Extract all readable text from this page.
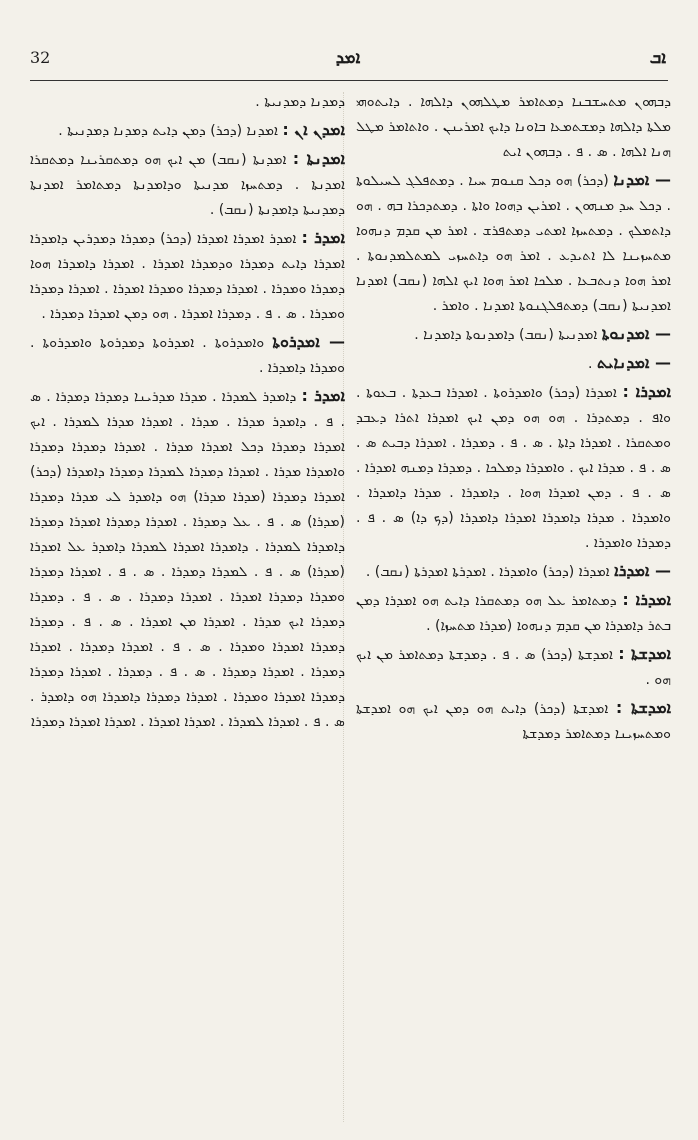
32	ܐܡܕ	ܐܒ

ܕܒܗܘܢ ܡܬܚܫܒܢܐ ܕܡܬܐܡܪ ܡܛܠܗܘܢ ܕܐܠܗܐ . ܕܐܝܬܘܗܝ ܡܠܬܐ ܕܐܠܗܐ ܕܡܫܬܡܥܐ ܒܐܘܢܐ ܕܐܝܟ ܐܡܪܝܢܢ . ܘܐܬܐܡܪ ܡܛܠ ܗܢܐ ܐܠܗܐ . ܣ . ܦ . ܕܒܗܘܢ ܐܝܬ

— ܐܡܕܢܐ (ܕܟܪ) ܗܘ ܕܟܠ ܩܢܘܡ ܚܝܐ . ܕܡܬܦܠܓ ܠܚܝܠܘܬܐ . ܕܟܠ ܚܕ ܡܢܗܘܢ . ܐܡܪܝܢ ܕܗܘܐ ܘܐܬܐ . ܕܡܬܕܟܪܐ ܒܗ . ܗܘ ܕܐܬܡܠܟ . ܕܡܬܚܙܐ ܐܡܬܝ ܕܡܬܦܪܫ . ܐܡܪ ܡܢ ܩܕܡ ܕܢܗܘܐ ܡܬܚܙܝܢܐ ܠܐ ܐܬܝܕܥ . ܐܡܪ ܗܘ ܕܐܬܚܙܝ ܠܡܬܠܡܕܢܘܬܐ . ܐܡܪ ܗܘܐ ܕܢܬܒܥܐ . ܡܠܟܐ ܐܡܪ ܗܘܐ ܐܝܟ ܐܠܗܐ (ܢܩܒ) ܐܡܕܢܐ ܐܡܕܢܝܬܐ (ܢܩܒ) ܕܡܬܦܠܓܢܘܬܐ ܐܡܕܢܐ . ܘܐܡܪ .

— ܐܡܕܢܘܬܐ ܐܡܕܢܝܬܐ (ܢܩܒ) ܕܐܡܕܢܘܬܐ ܕܐܡܕܢܐ .

— ܐܡܕܢܐܝܬ .

ܐܡܕܪܐ : ܐܡܕܪܐ (ܕܟܪ) ܘܐܡܕܪܘܬܐ . ܐܡܕܪܐ ܒܥܕܬܐ . ܒܥܘܬܐ . ܘܐܦ . ܕܡܬܕܪܐ . ܗܘ ܗܘ ܕܡܢ ܐܝܟ ܐܡܕܪܐ ܐܬܪܐ ܕܥܒܕ ܘܡܬܩܪܐ . ܐܡܕܪܐ ܕܐܬܐ . ܣ . ܦ . ܕܡܕܪܐ . ܐܡܕܪܐ ܕܒܝܬ ܣ . ܣ . ܦ . ܡܕܪܐ ܐܝܟ . ܘܐܡܕܪܐ ܕܡܠܟܐ . ܕܡܕܪܐ ܕܡܢܗ ܐܡܕܪܐ . ܣ . ܦ . ܕܡܢ ܐܡܕܪܐ ܗܘܐ . ܕܐܡܕܪܐ . ܡܕܪܐ ܕܐܡܕܪܐ . ܘܐܡܕܪܐ . ܡܕܪܐ ܕܐܡܕܪܐ ܐܡܕܪܐ ܕܐܡܕܪܐ (ܕܟ ܕܐ) ܣ . ܦ . ܕܡܕܪܐ ܘܐܡܕܪܐ .

— ܐܡܕܪܐ ܐܡܕܪܐ (ܕܟܪ) ܘܐܡܕܪܐ . ܐܡܕܪܬܐ ܐܡܕܪܬܐ (ܢܩܒ) .

ܐܡܕܪܐ : ܕܡܬܐܡܪ ܥܠ ܗܘ ܕܡܬܩܪܐ ܕܐܝܬ ܗܘ ܐܡܕܪܐ ܕܡܢ ܒܬܪ ܕܐܡܕܪܐ ܡܢ ܩܕܡ ܕܢܗܘܐ (ܡܕܪܐ ܡܬܚܙܐ) .

ܐܡܕܫܬܐ : ܐܡܕܫܬܐ (ܕܟܪ) ܣ . ܦ . ܕܡܕܫܬܐ ܕܡܬܐܡܪ ܡܢ ܐܝܟ ܗܘ .

ܐܡܕܫܬܐ : ܐܡܕܫܬܐ (ܕܟܪ) ܕܐܝܬ ܗܘ ܕܡܢ ܐܝܟ ܗܘ ܐܡܕܫܬܐ ܘܡܬܚܙܝܢܐ ܕܡܬܐܡܪ ܕܡܕܫܬܐ

ܕܡܕܢܐ ܕܡܕܢܝܬܐ .

ܐܡܕܢ ܐܢ : ܐܡܕܢܐ (ܕܟܪ) ܕܡܢ ܕܐܝܬ ܕܡܕܢܐ ܕܡܕܢܝܬܐ .

ܐܡܕܢܬܐ : ܐܡܕܢܬܐ (ܢܩܒ) ܡܢ ܐܝܟ ܗܘ ܕܡܬܩܪܝܢܐ ܕܡܬܩܪܐ ܐܡܕܢܬܐ . ܕܡܬܚܙܐ ܡܕܢܝܬܐ ܘܕܐܡܕܢܬܐ ܕܡܬܐܡܪ ܐܡܕܢܬܐ ܕܡܕܢܝܬܐ ܕܐܡܕܢܬܐ (ܢܩܒ) .

ܐܡܕܪ : ܐܡܕܪ ܐܡܕܪܐ ܐܡܕܪܐ (ܕܟܪ) ܕܡܕܪܐ ܕܡܕܪܝܢ ܕܐܡܕܪܐ ܐܡܕܪܐ ܕܐܝܬ ܕܡܕܪܐ ܘܕܡܕܪܐ ܐܡܕܪܐ . ܐܡܕܪܐ ܕܐܡܕܪܐ ܗܘܐ ܕܡܕܪܐ ܘܡܕܪܐ . ܐܡܕܪܐ ܕܡܕܪܐ ܘܡܕܪܐ ܐܡܕܪܐ . ܐܡܕܪܐ ܕܡܕܪܐ ܘܡܕܪܐ . ܣ . ܦ . ܕܡܕܪܐ ܐܡܕܪܐ . ܗܘ ܕܡܢ ܐܡܕܪܐ ܕܡܕܪܐ .

— ܐܡܕܪܘܬܐ ܘܐܡܕܪܘܬܐ . ܐܡܕܪܘܬܐ ܕܡܕܪܘܬܐ ܘܐܡܕܪܘܬܐ . ܘܡܕܪܐ ܕܐܡܕܪܐ .

ܐܡܕܪ : ܕܐܡܕܪ ܠܡܕܪܐ . ܡܕܪܐ ܡܕܪܝܢܐ ܕܡܕܪܐ ܕܡܕܪܐ . ܣ . ܦ . ܕܐܡܕܪ ܡܕܪܐ . ܡܕܪܐ . ܐܡܕܪܐ ܡܕܪܐ ܠܡܕܪܐ . ܐܝܟ ܐܡܕܪܐ ܕܡܕܪܐ ܕܟܠ ܐܡܕܪܐ ܡܕܪܐ . ܐܡܕܪܐ ܕܡܕܪܐ ܕܡܕܪܐ ܘܐܡܕܪܐ ܡܕܪܐ . ܐܡܕܪܐ ܕܡܕܪܐ ܠܡܕܪܐ ܕܡܕܪܐ ܕܐܡܕܪܐ (ܕܟܪ) ܐܡܕܪܐ ܕܡܕܪܐ (ܡܕܪܐ ܡܕܪܐ) ܗܘ ܕܐܡܕܪ ܠܝ ܡܕܪܐ ܕܡܕܪܐ (ܡܕܪܐ) ܣ . ܦ . ܥܠ ܕܡܕܪܐ . ܐܡܕܪܐ ܕܡܕܪܐ ܐܡܕܪܐ ܕܡܕܪܐ ܕܐܡܕܪܐ ܠܡܕܪܐ . ܕܐܡܕܪܐ ܐܡܕܪܐ ܠܡܕܪܐ ܕܐܡܕܪ ܥܠ ܐܡܕܪܐ (ܡܕܪܐ) ܣ . ܦ . ܠܡܕܪܐ ܕܡܕܪܐ . ܣ . ܦ . ܐܡܕܪܐ ܕܡܕܪܐ ܘܡܕܪܐ ܕܡܕܪܐ ܐܡܕܪܐ . ܐܡܕܪܐ ܕܡܕܪܐ . ܣ . ܦ . ܕܡܕܪܐ ܕܡܕܪܐ ܐܝܟ ܡܕܪܐ . ܐܡܕܪܐ ܡܢ ܐܡܕܪܐ . ܣ . ܦ . ܕܡܕܪܐ ܕܡܕܪܐ ܐܡܕܪܐ ܘܡܕܪܐ . ܣ . ܦ . ܐܡܕܪܐ ܕܡܕܪܐ . ܐܡܕܪܐ ܕܡܕܪܐ . ܐܡܕܪܐ ܕܡܕܪܐ . ܣ . ܦ . ܕܡܕܪܐ . ܐܡܕܪܐ ܕܡܕܪܐ ܕܡܕܪܐ ܐܡܕܪܐ ܘܡܕܪܐ . ܐܡܕܪܐ ܕܡܕܪܐ ܕܐܡܕܪܐ ܗܘ ܕܐܡܕܪ . ܣ . ܦ . ܐܡܕܪܐ ܠܡܕܪܐ . ܐܡܕܪܐ ܐܡܕܪܐ . ܐܡܕܪܐ ܐܡܕܪܐ ܕܡܕܪܐ
